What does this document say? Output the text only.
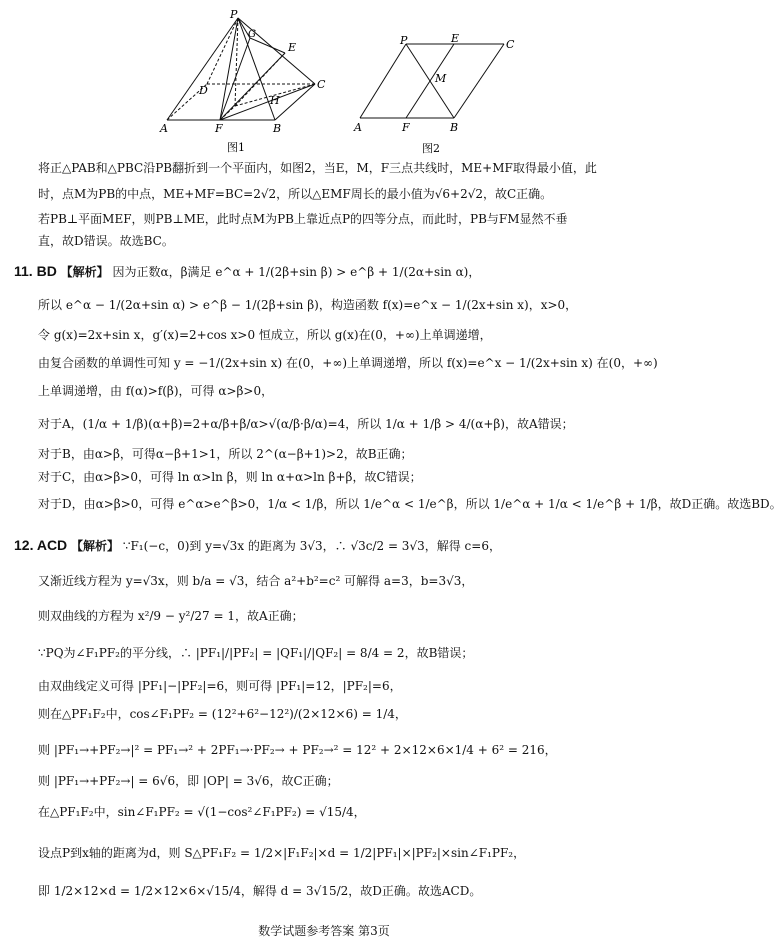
P
G
E
D	C
H
A	F	B
图1
P	E	C
M
A	F	B
图2
将正△PAB和△PBC沿PB翻折到一个平面内，如图2，当E，M，F三点共线时，ME+MF取得最小值，此
时，点M为PB的中点，ME+MF=BC=2√2，所以△EMF周长的最小值为√6+2√2，故C正确。
若PB⊥平面MEF，则PB⊥ME，此时点M为PB上靠近点P的四等分点，而此时，PB与FM显然不垂
直，故D错误。故选BC。
11. BD 【解析】 因为正数α，β满足 e^α + 1/(2β+sin β) > e^β + 1/(2α+sin α)，
所以 e^α − 1/(2α+sin α) > e^β − 1/(2β+sin β)，构造函数 f(x)=e^x − 1/(2x+sin x)，x>0，
令 g(x)=2x+sin x，g′(x)=2+cos x>0 恒成立，所以 g(x)在(0，+∞)上单调递增，
由复合函数的单调性可知 y = −1/(2x+sin x) 在(0，+∞)上单调递增，所以 f(x)=e^x − 1/(2x+sin x) 在(0，+∞)
上单调递增，由 f(α)>f(β)，可得 α>β>0，
对于A，(1/α + 1/β)(α+β)=2+α/β+β/α>√(α/β·β/α)=4，所以 1/α + 1/β > 4/(α+β)，故A错误；
对于B，由α>β，可得α−β+1>1，所以 2^(α−β+1)>2，故B正确；
对于C，由α>β>0，可得 ln α>ln β，则 ln α+α>ln β+β，故C错误；
对于D，由α>β>0，可得 e^α>e^β>0，1/α < 1/β，所以 1/e^α < 1/e^β，所以 1/e^α + 1/α < 1/e^β + 1/β，故D正确。故选BD。
12. ACD 【解析】 ∵F₁(−c，0)到 y=√3x 的距离为 3√3，∴ √3c/2 = 3√3，解得 c=6，
又渐近线方程为 y=√3x，则 b/a = √3，结合 a²+b²=c² 可解得 a=3，b=3√3，
则双曲线的方程为 x²/9 − y²/27 = 1，故A正确；
∵PQ为∠F₁PF₂的平分线，∴ |PF₁|/|PF₂| = |QF₁|/|QF₂| = 8/4 = 2，故B错误；
由双曲线定义可得 |PF₁|−|PF₂|=6，则可得 |PF₁|=12，|PF₂|=6，
则在△PF₁F₂中，cos∠F₁PF₂ = (12²+6²−12²)/(2×12×6) = 1/4，
则 |PF₁→+PF₂→|² = PF₁→² + 2PF₁→·PF₂→ + PF₂→² = 12² + 2×12×6×1/4 + 6² = 216，
则 |PF₁→+PF₂→| = 6√6，即 |OP| = 3√6，故C正确；
在△PF₁F₂中，sin∠F₁PF₂ = √(1−cos²∠F₁PF₂) = √15/4，
设点P到x轴的距离为d，则 S△PF₁F₂ = 1/2×|F₁F₂|×d = 1/2|PF₁|×|PF₂|×sin∠F₁PF₂，
即 1/2×12×d = 1/2×12×6×√15/4，解得 d = 3√15/2，故D正确。故选ACD。
数学试题参考答案 第3页
